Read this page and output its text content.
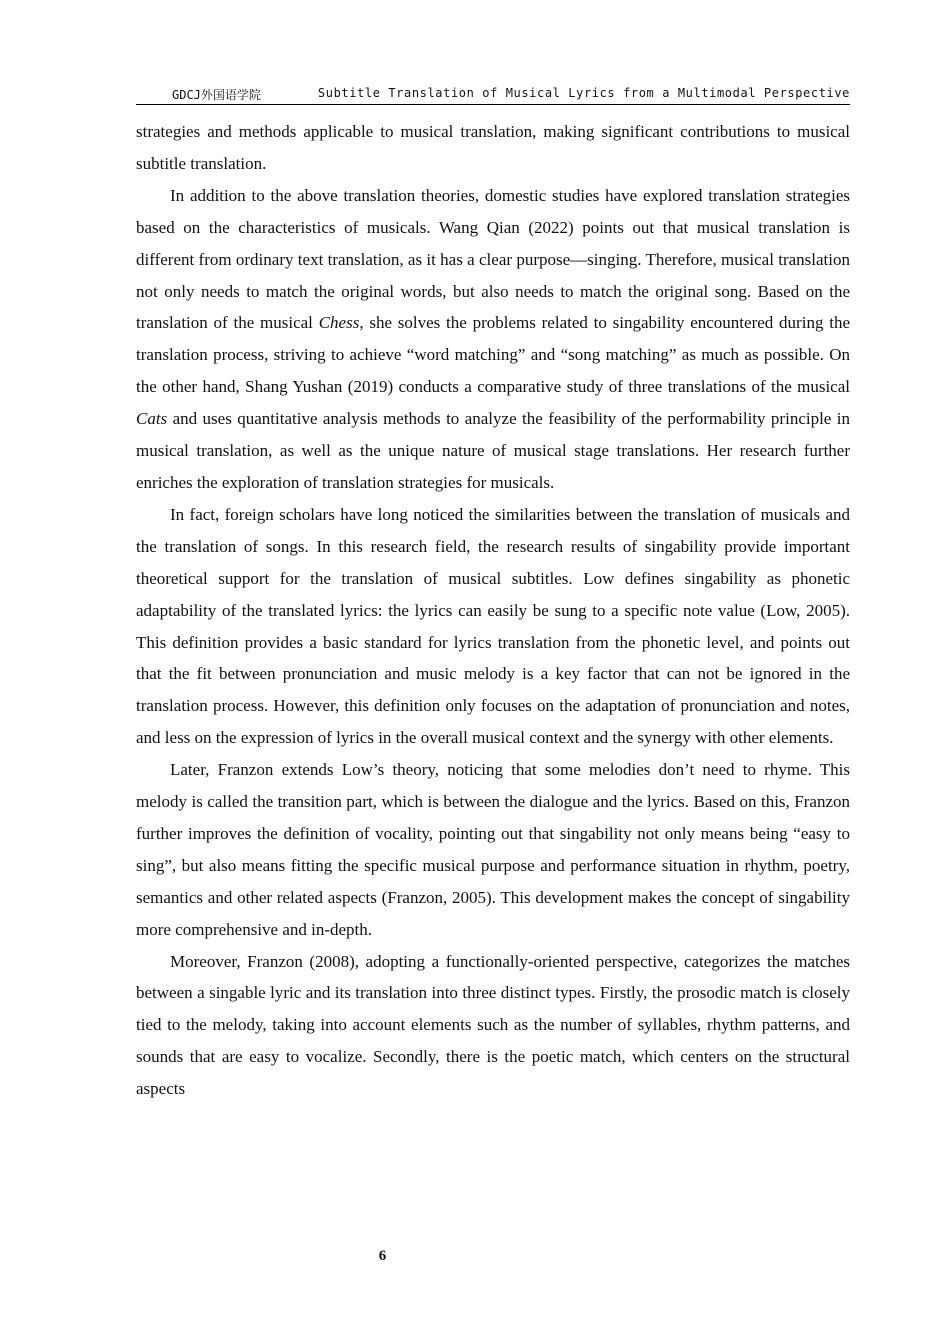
GDCJ外国语学院	Subtitle Translation of Musical Lyrics from a Multimodal Perspective

strategies and methods applicable to musical translation, making significant contributions to musical subtitle translation.

In addition to the above translation theories, domestic studies have explored translation strategies based on the characteristics of musicals. Wang Qian (2022) points out that musical translation is different from ordinary text translation, as it has a clear purpose—singing. Therefore, musical translation not only needs to match the original words, but also needs to match the original song. Based on the translation of the musical Chess, she solves the problems related to singability encountered during the translation process, striving to achieve “word matching” and “song matching” as much as possible. On the other hand, Shang Yushan (2019) conducts a comparative study of three translations of the musical Cats and uses quantitative analysis methods to analyze the feasibility of the performability principle in musical translation, as well as the unique nature of musical stage translations. Her research further enriches the exploration of translation strategies for musicals.

In fact, foreign scholars have long noticed the similarities between the translation of musicals and the translation of songs. In this research field, the research results of singability provide important theoretical support for the translation of musical subtitles. Low defines singability as phonetic adaptability of the translated lyrics: the lyrics can easily be sung to a specific note value (Low, 2005). This definition provides a basic standard for lyrics translation from the phonetic level, and points out that the fit between pronunciation and music melody is a key factor that can not be ignored in the translation process. However, this definition only focuses on the adaptation of pronunciation and notes, and less on the expression of lyrics in the overall musical context and the synergy with other elements.

Later, Franzon extends Low’s theory, noticing that some melodies don’t need to rhyme. This melody is called the transition part, which is between the dialogue and the lyrics. Based on this, Franzon further improves the definition of vocality, pointing out that singability not only means being “easy to sing”, but also means fitting the specific musical purpose and performance situation in rhythm, poetry, semantics and other related aspects (Franzon, 2005). This development makes the concept of singability more comprehensive and in-depth.

Moreover, Franzon (2008), adopting a functionally-oriented perspective, categorizes the matches between a singable lyric and its translation into three distinct types. Firstly, the prosodic match is closely tied to the melody, taking into account elements such as the number of syllables, rhythm patterns, and sounds that are easy to vocalize. Secondly, there is the poetic match, which centers on the structural aspects

6
